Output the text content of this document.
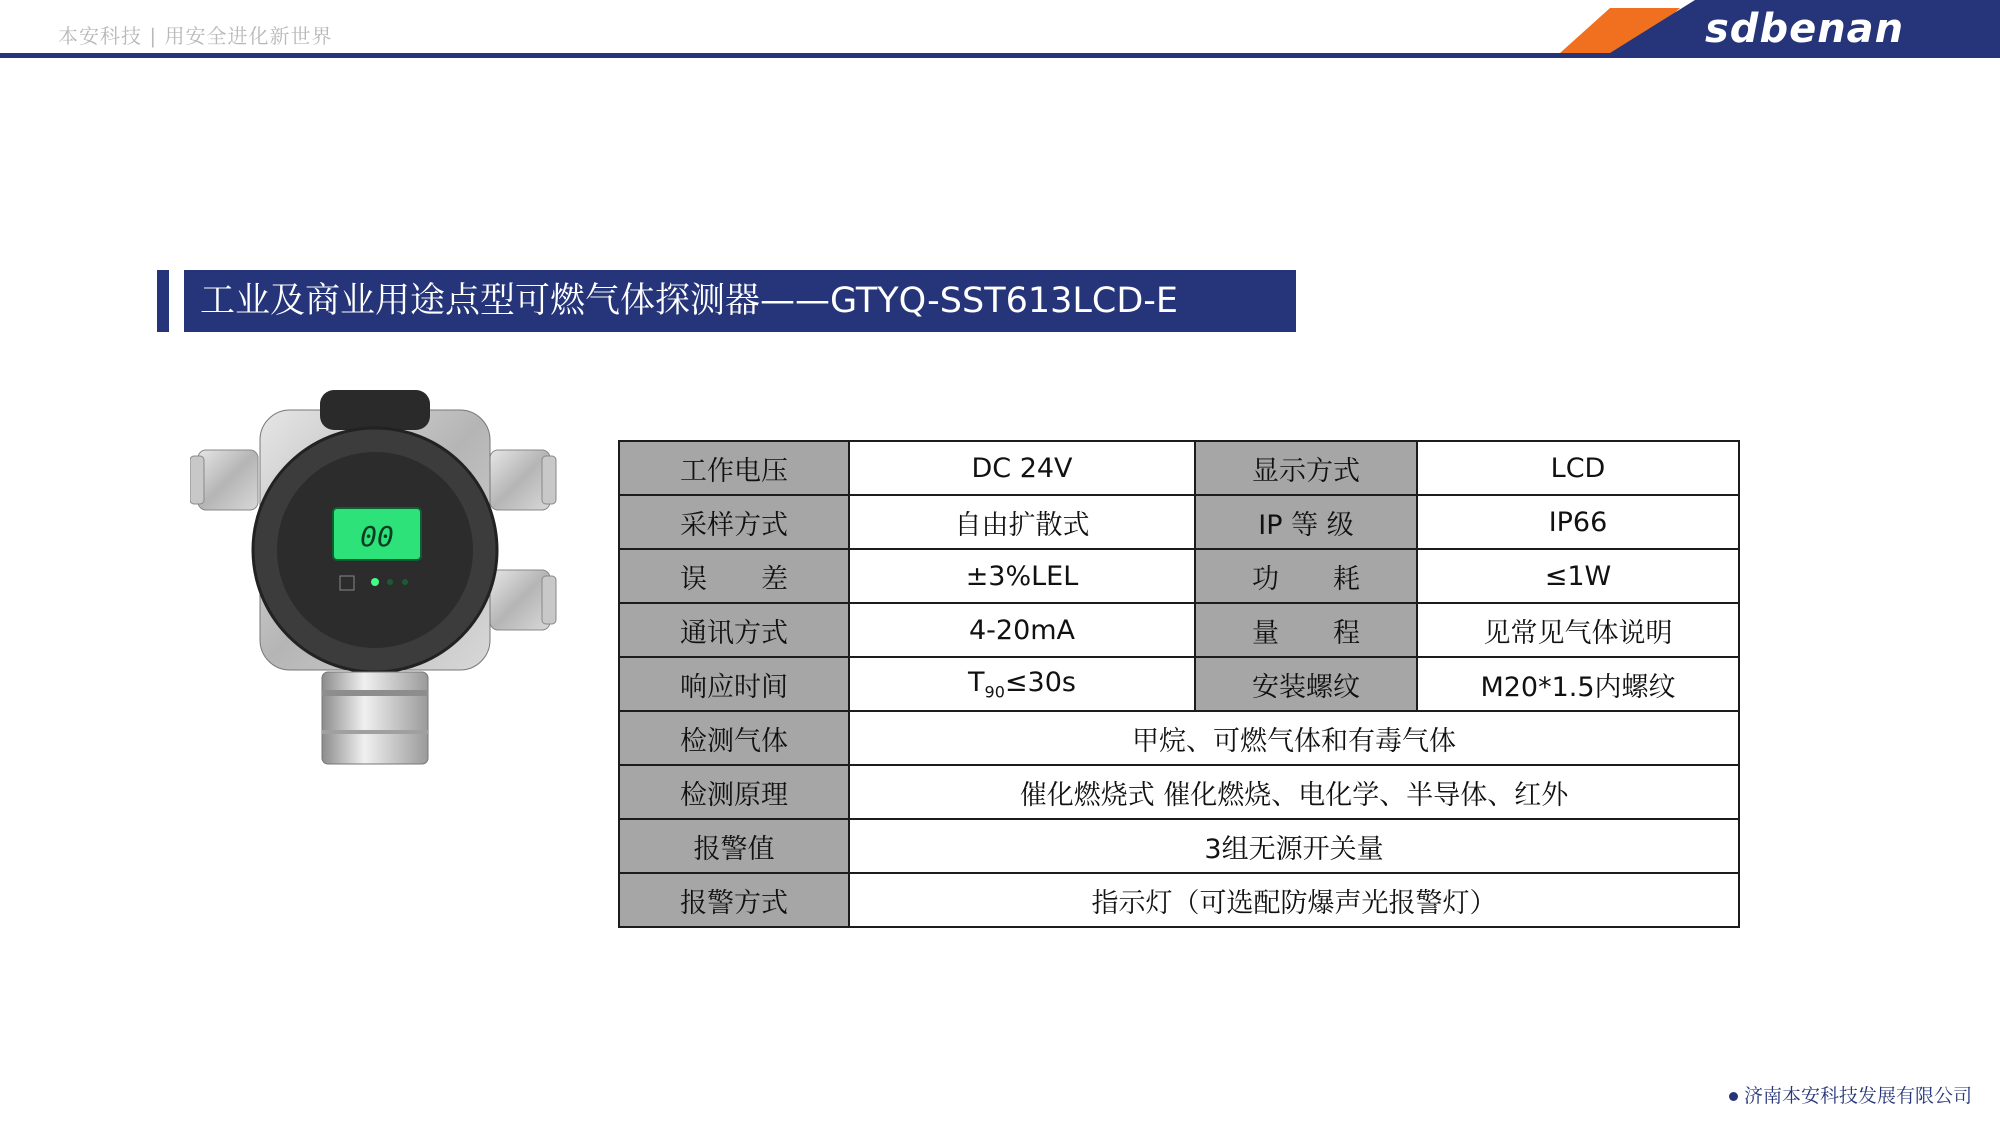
本安科技 | 用安全进化新世界	sdbenan
工业及商业用途点型可燃气体探测器——GTYQ-SST613LCD-E
00
工作电压	DC 24V	显示方式	LCD
采样方式	自由扩散式	IP 等 级	IP66
误　　差	±3%LEL	功　　耗	≤1W
通讯方式	4-20mA	量　　程	见常见气体说明
响应时间	$T_{90}\le 30s$	安装螺纹	M20*1.5内螺纹
检测气体	甲烷、可燃气体和有毒气体		
检测原理	催化燃烧式 催化燃烧、电化学、半导体、红外		
报警值	3组无源开关量		
报警方式	指示灯（可选配防爆声光报警灯）		
济南本安科技发展有限公司
